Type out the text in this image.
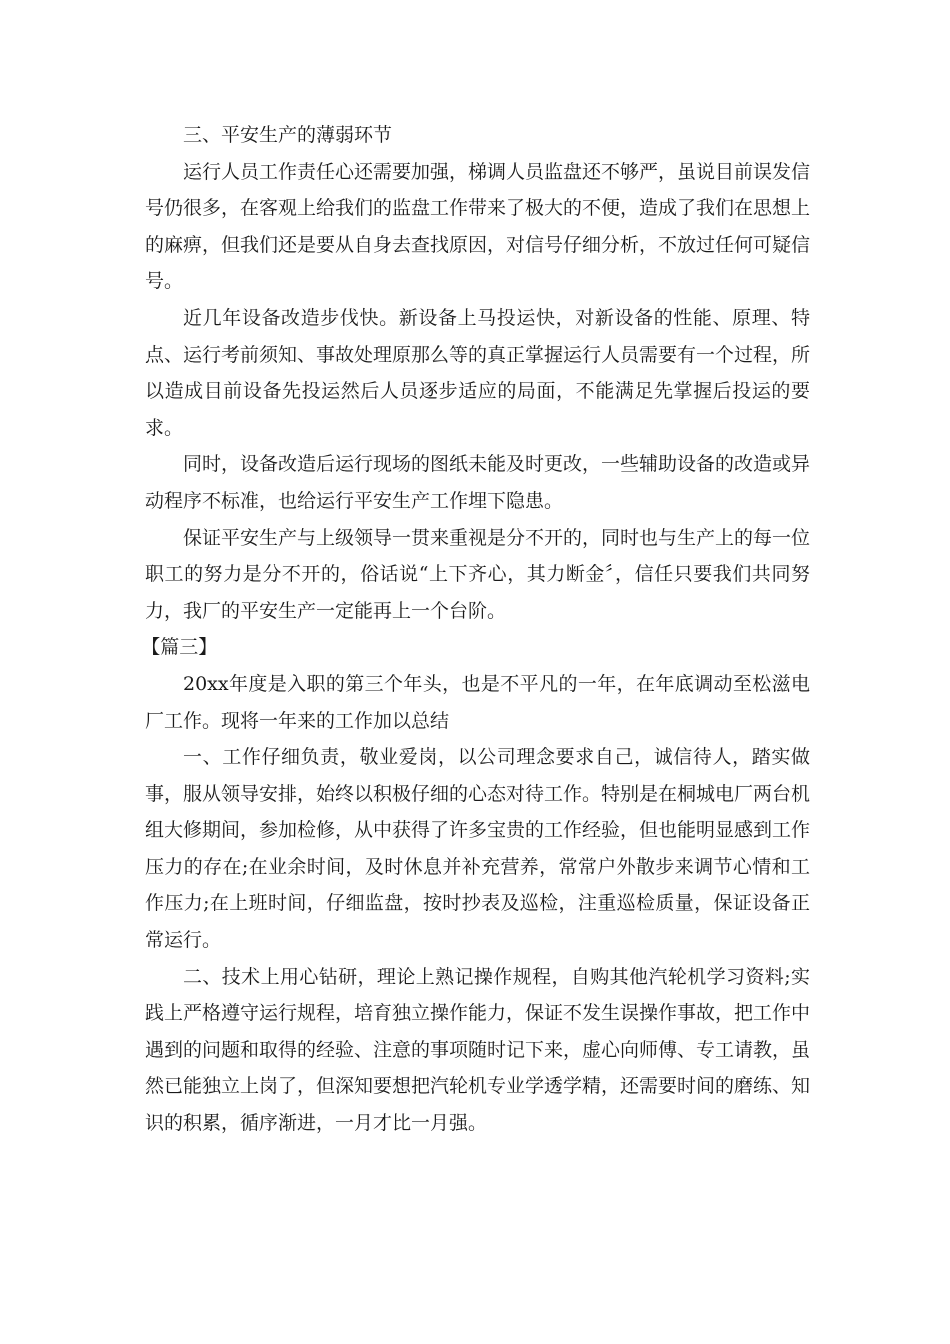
三、平安生产的薄弱环节

运行人员工作责任心还需要加强，梯调人员监盘还不够严，虽说目前误发信号仍很多，在客观上给我们的监盘工作带来了极大的不便，造成了我们在思想上的麻痹，但我们还是要从自身去查找原因，对信号仔细分析，不放过任何可疑信号。

近几年设备改造步伐快。新设备上马投运快，对新设备的性能、原理、特点、运行考前须知、事故处理原那么等的真正掌握运行人员需要有一个过程，所以造成目前设备先投运然后人员逐步适应的局面，不能满足先掌握后投运的要求。

同时，设备改造后运行现场的图纸未能及时更改，一些辅助设备的改造或异动程序不标准，也给运行平安生产工作埋下隐患。

保证平安生产与上级领导一贯来重视是分不开的，同时也与生产上的每一位职工的努力是分不开的，俗话说“上下齐心，其力断金〞，信任只要我们共同努力，我厂的平安生产一定能再上一个台阶。

【篇三】

20xx年度是入职的第三个年头，也是不平凡的一年，在年底调动至松滋电厂工作。现将一年来的工作加以总结

一、工作仔细负责，敬业爱岗，以公司理念要求自己，诚信待人，踏实做事，服从领导安排，始终以积极仔细的心态对待工作。特别是在桐城电厂两台机组大修期间，参加检修，从中获得了许多宝贵的工作经验，但也能明显感到工作压力的存在;在业余时间，及时休息并补充营养，常常户外散步来调节心情和工作压力;在上班时间，仔细监盘，按时抄表及巡检，注重巡检质量，保证设备正常运行。

二、技术上用心钻研，理论上熟记操作规程，自购其他汽轮机学习资料;实践上严格遵守运行规程，培育独立操作能力，保证不发生误操作事故，把工作中遇到的问题和取得的经验、注意的事项随时记下来，虚心向师傅、专工请教，虽然已能独立上岗了，但深知要想把汽轮机专业学透学精，还需要时间的磨练、知识的积累，循序渐进，一月才比一月强。
